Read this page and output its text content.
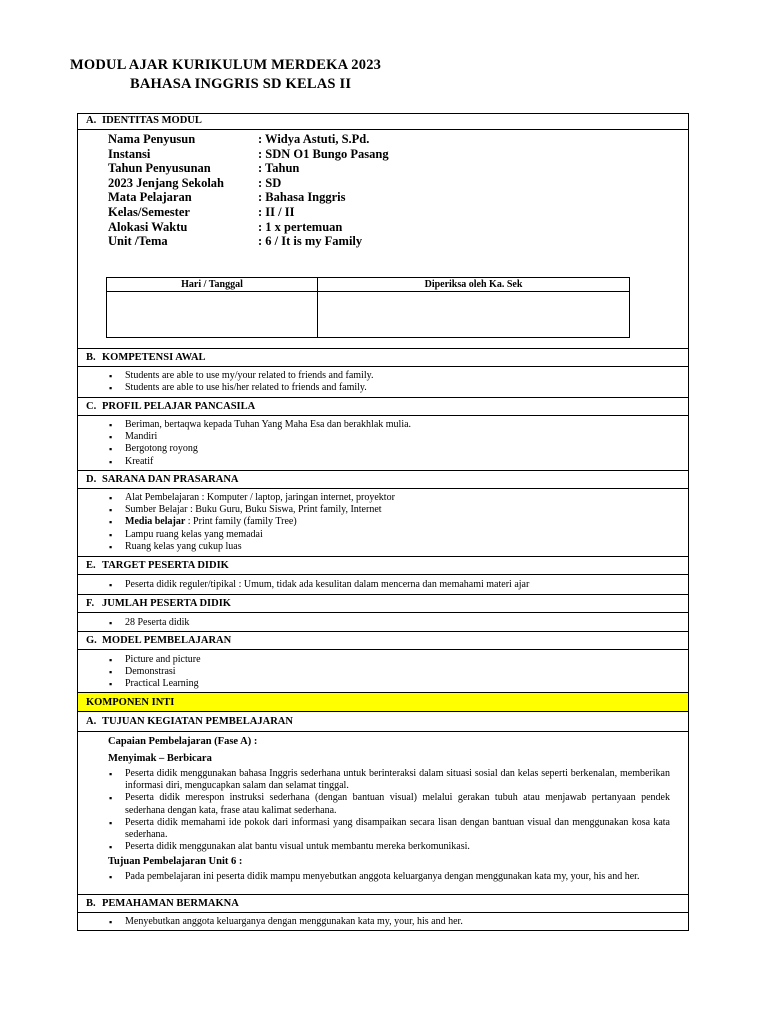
MODUL AJAR KURIKULUM MERDEKA 2023
BAHASA INGGRIS SD KELAS II
A. IDENTITAS MODUL
Nama Penyusun	: Widya Astuti, S.Pd.
Instansi	: SDN O1 Bungo Pasang
Tahun Penyusunan	: Tahun
2023 Jenjang Sekolah	: SD
Mata Pelajaran	: Bahasa Inggris
Kelas/Semester	: II / II
Alokasi Waktu	: 1 x pertemuan
Unit /Tema	: 6 / It is my Family
Hari / Tanggal	Diperiksa oleh Ka. Sek

B. KOMPETENSI AWAL
▪ Students are able to use my/your related to friends and family.
▪ Students are able to use his/her related to friends and family.
C. PROFIL PELAJAR PANCASILA
▪ Beriman, bertaqwa kepada Tuhan Yang Maha Esa dan berakhlak mulia.
▪ Mandiri
▪ Bergotong royong
▪ Kreatif
D. SARANA DAN PRASARANA
▪ Alat Pembelajaran : Komputer / laptop, jaringan internet, proyektor
▪ Sumber Belajar : Buku Guru, Buku Siswa, Print family, Internet
▪ Media belajar : Print family (family Tree)
▪ Lampu ruang kelas yang memadai
▪ Ruang kelas yang cukup luas
E. TARGET PESERTA DIDIK
▪ Peserta didik reguler/tipikal : Umum, tidak ada kesulitan dalam mencerna dan memahami materi ajar
F. JUMLAH PESERTA DIDIK
▪ 28 Peserta didik
G. MODEL PEMBELAJARAN
▪ Picture and picture
▪ Demonstrasi
▪ Practical Learning
KOMPONEN INTI
A. TUJUAN KEGIATAN PEMBELAJARAN
Capaian Pembelajaran (Fase A) :
Menyimak – Berbicara
▪ Peserta didik menggunakan bahasa Inggris sederhana untuk berinteraksi dalam situasi sosial dan kelas seperti berkenalan, memberikan informasi diri, mengucapkan salam dan selamat tinggal.
▪ Peserta didik merespon instruksi sederhana (dengan bantuan visual) melalui gerakan tubuh atau menjawab pertanyaan pendek sederhana dengan kata, frase atau kalimat sederhana.
▪ Peserta didik memahami ide pokok dari informasi yang disampaikan secara lisan dengan bantuan visual dan menggunakan kosa kata sederhana.
▪ Peserta didik menggunakan alat bantu visual untuk membantu mereka berkomunikasi.
Tujuan Pembelajaran Unit 6 :
▪ Pada pembelajaran ini peserta didik mampu menyebutkan anggota keluarganya dengan menggunakan kata my, your, his and her.
B. PEMAHAMAN BERMAKNA
▪ Menyebutkan anggota keluarganya dengan menggunakan kata my, your, his and her.
